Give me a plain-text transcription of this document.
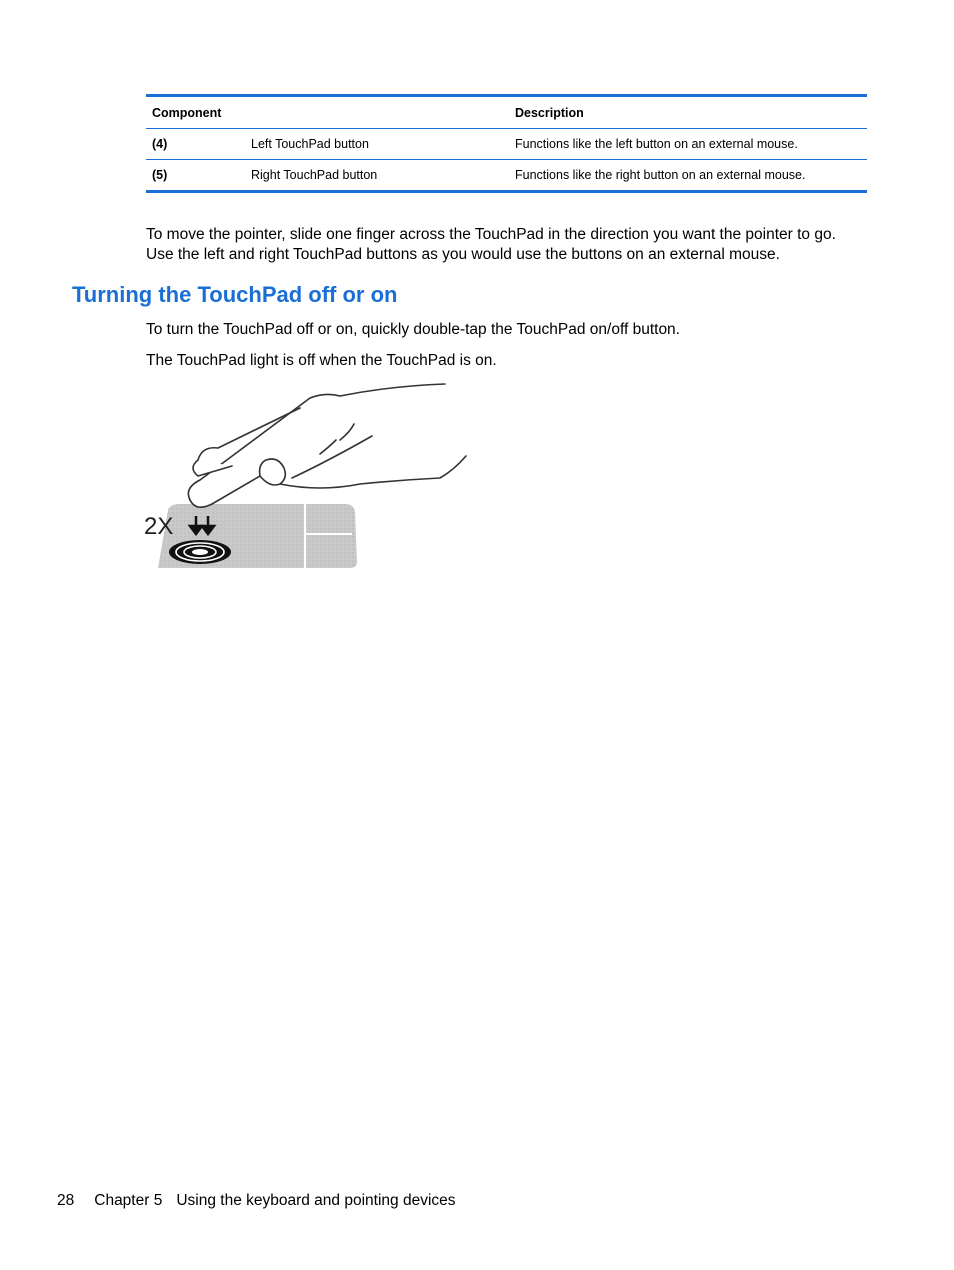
Component	Description
(4)	Left TouchPad button	Functions like the left button on an external mouse.
(5)	Right TouchPad button	Functions like the right button on an external mouse.
To move the pointer, slide one finger across the TouchPad in the direction you want the pointer to go.
Use the left and right TouchPad buttons as you would use the buttons on an external mouse.
Turning the TouchPad off or on
To turn the TouchPad off or on, quickly double-tap the TouchPad on/off button.
The TouchPad light is off when the TouchPad is on.
2X
28 Chapter 5 Using the keyboard and pointing devices
